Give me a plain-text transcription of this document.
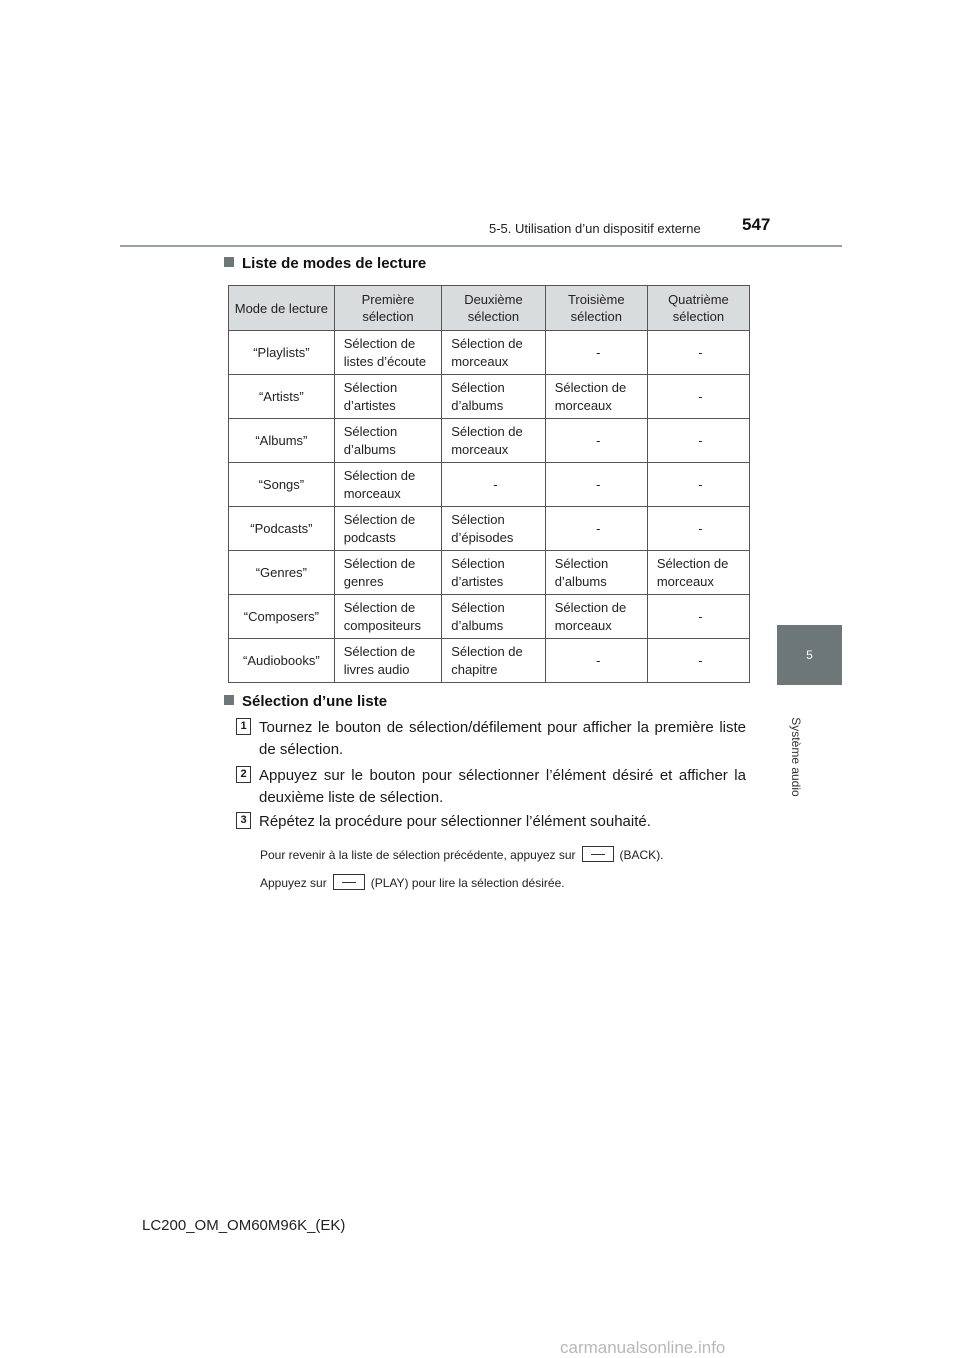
5-5. Utilisation d’un dispositif externe 547
5
Système audio
Liste de modes de lecture
Mode de lecture	Première sélection	Deuxième sélection	Troisième sélection	Quatrième sélection
“Playlists”	Sélection de listes d’écoute	Sélection de morceaux	-	-
“Artists”	Sélection d’artistes	Sélection d’albums	Sélection de morceaux	-
“Albums”	Sélection d’albums	Sélection de morceaux	-	-
“Songs”	Sélection de morceaux	-	-	-
“Podcasts”	Sélection de podcasts	Sélection d’épisodes	-	-
“Genres”	Sélection de genres	Sélection d’artistes	Sélection d’albums	Sélection de morceaux
“Composers”	Sélection de compositeurs	Sélection d’albums	Sélection de morceaux	-
“Audiobooks”	Sélection de livres audio	Sélection de chapitre	-	-
Sélection d’une liste
1 Tournez le bouton de sélection/défilement pour afficher la première liste de sélection.
2 Appuyez sur le bouton pour sélectionner l’élément désiré et afficher la deuxième liste de sélection.
3 Répétez la procédure pour sélectionner l’élément souhaité.
Pour revenir à la liste de sélection précédente, appuyez sur	(BACK).
Appuyez sur	(PLAY) pour lire la sélection désirée.
LC200_OM_OM60M96K_(EK)
carmanualsonline.info
